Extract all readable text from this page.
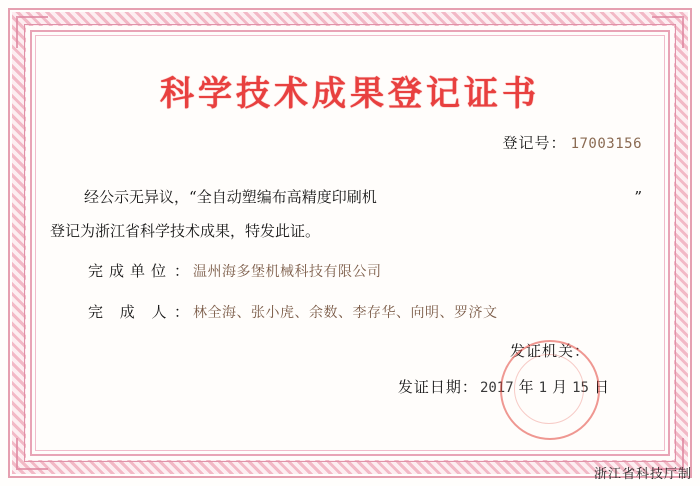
科学技术成果登记证书
登记号： 17003156
经公示无异议， “ 全自动塑编布高精度印刷机	”
登记为浙江省科学技术成果，特发此证。
完成单位 ： 温州海多堡机械科技有限公司
完 成 人 ： 林全海、张小虎、余数、李存华、向明、罗济文
发证机关：
发证日期： 2017 年 1 月 15 日
浙江省科技厅制
